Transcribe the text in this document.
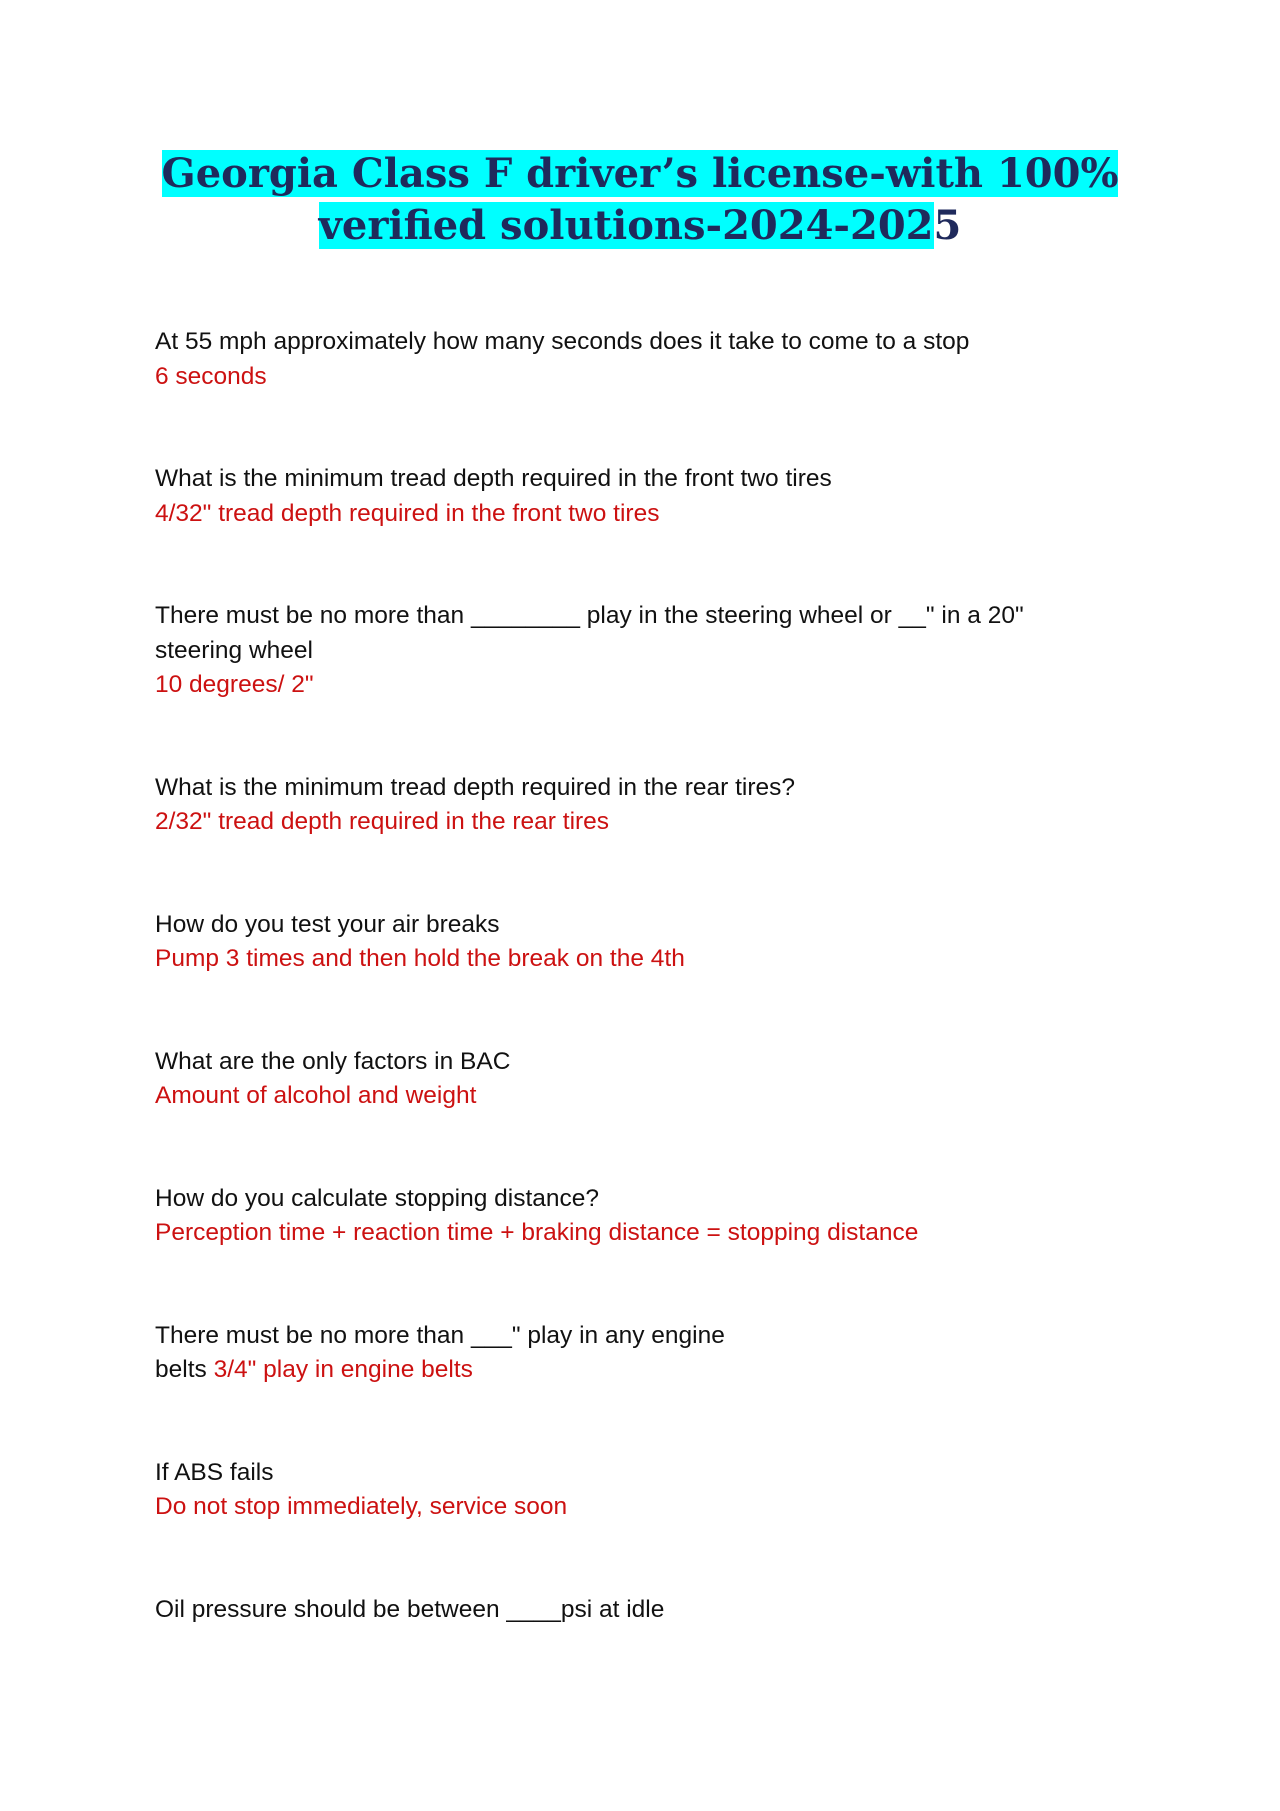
Georgia Class F driver’s license-with 100%
verified solutions-2024-2025
At 55 mph approximately how many seconds does it take to come to a stop
6 seconds
What is the minimum tread depth required in the front two tires
4/32" tread depth required in the front two tires
There must be no more than ________ play in the steering wheel or __" in a 20" steering wheel
10 degrees/ 2"
What is the minimum tread depth required in the rear tires?
2/32" tread depth required in the rear tires
How do you test your air breaks
Pump 3 times and then hold the break on the 4th
What are the only factors in BAC
Amount of alcohol and weight
How do you calculate stopping distance?
Perception time + reaction time + braking distance = stopping distance
There must be no more than ___" play in any engine
belts 3/4" play in engine belts
If ABS fails
Do not stop immediately, service soon
Oil pressure should be between ____psi at idle
